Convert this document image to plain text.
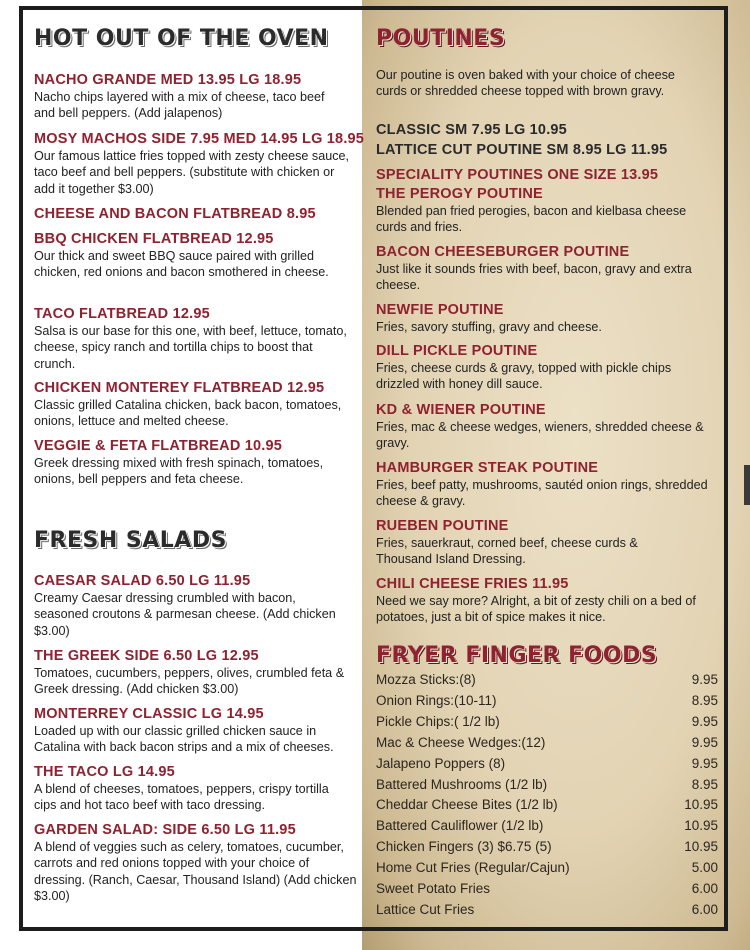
HOT OUT OF THE OVEN
NACHO GRANDE MED 13.95 LG 18.95
Nacho chips layered with a mix of cheese, taco beef and bell peppers. (Add jalapenos)
MOSY MACHOS SIDE 7.95 MED 14.95 LG 18.95
Our famous lattice fries topped with zesty cheese sauce, taco beef and bell peppers. (substitute with chicken or add it together $3.00)
CHEESE AND BACON FLATBREAD 8.95
BBQ CHICKEN FLATBREAD 12.95
Our thick and sweet BBQ sauce paired with grilled chicken, red onions and bacon smothered in cheese.
TACO FLATBREAD 12.95
Salsa is our base for this one, with beef, lettuce, tomato, cheese, spicy ranch and tortilla chips to boost that crunch.
CHICKEN MONTEREY FLATBREAD 12.95
Classic grilled Catalina chicken, back bacon, tomatoes, onions, lettuce and melted cheese.
VEGGIE & FETA FLATBREAD 10.95
Greek dressing mixed with fresh spinach, tomatoes, onions, bell peppers and feta cheese.
FRESH SALADS
CAESAR SALAD 6.50 LG 11.95
Creamy Caesar dressing crumbled with bacon, seasoned croutons & parmesan cheese. (Add chicken $3.00)
THE GREEK SIDE 6.50 LG 12.95
Tomatoes, cucumbers, peppers, olives, crumbled feta & Greek dressing. (Add chicken $3.00)
MONTERREY CLASSIC LG 14.95
Loaded up with our classic grilled chicken sauce in Catalina with back bacon strips and a mix of cheeses.
THE TACO LG 14.95
A blend of cheeses, tomatoes, peppers, crispy tortilla cips and hot taco beef with taco dressing.
GARDEN SALAD: SIDE 6.50 LG 11.95
A blend of veggies such as celery, tomatoes, cucumber, carrots and red onions topped with your choice of dressing. (Ranch, Caesar, Thousand Island) (Add chicken $3.00)
POUTINES
Our poutine is oven baked with your choice of cheese curds or shredded cheese topped with brown gravy.
CLASSIC SM 7.95 LG 10.95
LATTICE CUT POUTINE SM 8.95 LG 11.95
SPECIALITY POUTINES ONE SIZE 13.95
THE PEROGY POUTINE
Blended pan fried perogies, bacon and kielbasa cheese curds and fries.
BACON CHEESEBURGER POUTINE
Just like it sounds fries with beef, bacon, gravy and extra cheese.
NEWFIE POUTINE
Fries, savory stuffing, gravy and cheese.
DILL PICKLE POUTINE
Fries, cheese curds & gravy, topped with pickle chips drizzled with honey dill sauce.
KD & WIENER POUTINE
Fries, mac & cheese wedges, wieners, shredded cheese & gravy.
HAMBURGER STEAK POUTINE
Fries, beef patty, mushrooms, sautéd onion rings, shredded cheese & gravy.
RUEBEN POUTINE
Fries, sauerkraut, corned beef, cheese curds & Thousand Island Dressing.
CHILI CHEESE FRIES 11.95
Need we say more? Alright, a bit of zesty chili on a bed of potatoes, just a bit of spice makes it nice.
FRYER FINGER FOODS
Mozza Sticks:(8)	9.95
Onion Rings:(10-11)	8.95
Pickle Chips:( 1/2 lb)	9.95
Mac & Cheese Wedges:(12)	9.95
Jalapeno Poppers (8)	9.95
Battered Mushrooms (1/2 lb)	8.95
Cheddar Cheese Bites (1/2 lb)	10.95
Battered Cauliflower (1/2 lb)	10.95
Chicken Fingers (3) $6.75 (5)	10.95
Home Cut Fries (Regular/Cajun)	5.00
Sweet Potato Fries	6.00
Lattice Cut Fries	6.00
